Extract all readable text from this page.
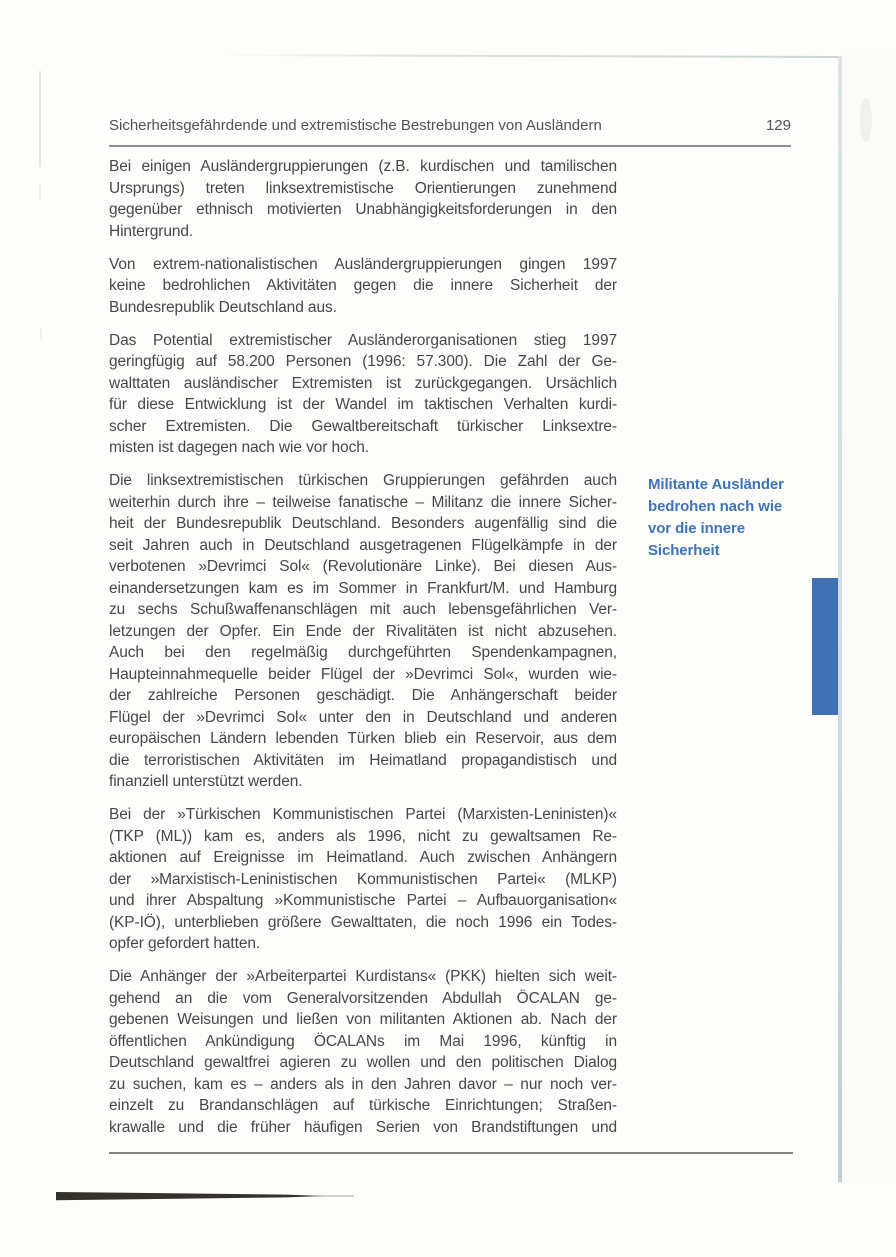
Sicherheitsgefährdende und extremistische Bestrebungen von Ausländern	129
Bei einigen Ausländergruppierungen (z.B. kurdischen und tamilischen
Ursprungs) treten linksextremistische Orientierungen zunehmend
gegenüber ethnisch motivierten Unabhängigkeitsforderungen in den
Hintergrund.
Von extrem-nationalistischen Ausländergruppierungen gingen 1997
keine bedrohlichen Aktivitäten gegen die innere Sicherheit der
Bundesrepublik Deutschland aus.
Das Potential extremistischer Ausländerorganisationen stieg 1997
geringfügig auf 58.200 Personen (1996: 57.300). Die Zahl der Ge-
walttaten ausländischer Extremisten ist zurückgegangen. Ursächlich
für diese Entwicklung ist der Wandel im taktischen Verhalten kurdi-
scher Extremisten. Die Gewaltbereitschaft türkischer Linksextre-
misten ist dagegen nach wie vor hoch.
Die linksextremistischen türkischen Gruppierungen gefährden auch
weiterhin durch ihre – teilweise fanatische – Militanz die innere Sicher-
heit der Bundesrepublik Deutschland. Besonders augenfällig sind die
seit Jahren auch in Deutschland ausgetragenen Flügelkämpfe in der
verbotenen »Devrimci Sol« (Revolutionäre Linke). Bei diesen Aus-
einandersetzungen kam es im Sommer in Frankfurt/M. und Hamburg
zu sechs Schußwaffenanschlägen mit auch lebensgefährlichen Ver-
letzungen der Opfer. Ein Ende der Rivalitäten ist nicht abzusehen.
Auch bei den regelmäßig durchgeführten Spendenkampagnen,
Haupteinnahmequelle beider Flügel der »Devrimci Sol«, wurden wie-
der zahlreiche Personen geschädigt. Die Anhängerschaft beider
Flügel der »Devrimci Sol« unter den in Deutschland und anderen
europäischen Ländern lebenden Türken blieb ein Reservoir, aus dem
die terroristischen Aktivitäten im Heimatland propagandistisch und
finanziell unterstützt werden.
Bei der »Türkischen Kommunistischen Partei (Marxisten-Leninisten)«
(TKP (ML)) kam es, anders als 1996, nicht zu gewaltsamen Re-
aktionen auf Ereignisse im Heimatland. Auch zwischen Anhängern
der »Marxistisch-Leninistischen Kommunistischen Partei« (MLKP)
und ihrer Abspaltung »Kommunistische Partei – Aufbauorganisation«
(KP-IÖ), unterblieben größere Gewalttaten, die noch 1996 ein Todes-
opfer gefordert hatten.
Die Anhänger der »Arbeiterpartei Kurdistans« (PKK) hielten sich weit-
gehend an die vom Generalvorsitzenden Abdullah ÖCALAN ge-
gebenen Weisungen und ließen von militanten Aktionen ab. Nach der
öffentlichen Ankündigung ÖCALANs im Mai 1996, künftig in
Deutschland gewaltfrei agieren zu wollen und den politischen Dialog
zu suchen, kam es – anders als in den Jahren davor – nur noch ver-
einzelt zu Brandanschlägen auf türkische Einrichtungen; Straßen-
krawalle und die früher häufigen Serien von Brandstiftungen und
Militante Ausländer
bedrohen nach wie
vor die innere
Sicherheit
